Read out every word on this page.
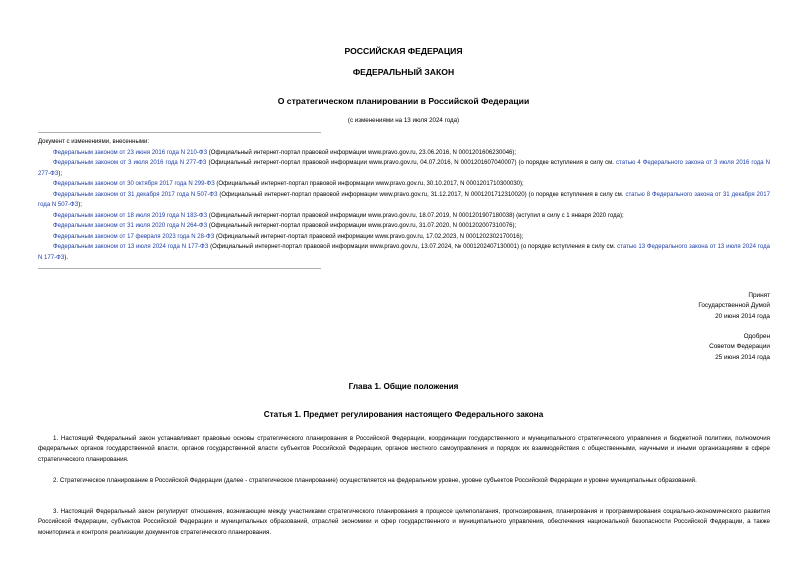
РОССИЙСКАЯ ФЕДЕРАЦИЯ
ФЕДЕРАЛЬНЫЙ ЗАКОН
О стратегическом планировании в Российской Федерации
(с изменениями на 13 июля 2024 года)
Документ с изменениями, внесенными:
Федеральным законом от 23 июня 2016 года N 210-ФЗ (Официальный интернет-портал правовой информации www.pravo.gov.ru, 23.06.2016, N 0001201606230046);
Федеральным законом от 3 июля 2016 года N 277-ФЗ (Официальный интернет-портал правовой информации www.pravo.gov.ru, 04.07.2016, N 0001201607040007) (о порядке вступления в силу см. статью 4 Федерального закона от 3 июля 2016 года N 277-ФЗ);
Федеральным законом от 30 октября 2017 года N 299-ФЗ (Официальный интернет-портал правовой информации www.pravo.gov.ru, 30.10.2017, N 0001201710300030);
Федеральным законом от 31 декабря 2017 года N 507-ФЗ (Официальный интернет-портал правовой информации www.pravo.gov.ru, 31.12.2017, N 0001201712310020) (о порядке вступления в силу см. статью 8 Федерального закона от 31 декабря 2017 года N 507-ФЗ);
Федеральным законом от 18 июля 2019 года N 183-ФЗ (Официальный интернет-портал правовой информации www.pravo.gov.ru, 18.07.2019, N 0001201907180038) (вступил в силу с 1 января 2020 года);
Федеральным законом от 31 июля 2020 года N 264-ФЗ (Официальный интернет-портал правовой информации www.pravo.gov.ru, 31.07.2020, N 0001202007310076);
Федеральным законом от 17 февраля 2023 года N 28-ФЗ (Официальный интернет-портал правовой информации www.pravo.gov.ru, 17.02.2023, N 0001202302170016);
Федеральным законом от 13 июля 2024 года N 177-ФЗ (Официальный интернет-портал правовой информации www.pravo.gov.ru, 13.07.2024, № 0001202407130001) (о порядке вступления в силу см. статью 13 Федерального закона от 13 июля 2024 года N 177-ФЗ).
Принят
Государственной Думой
20 июня 2014 года
Одобрен
Советом Федерации
25 июня 2014 года
Глава 1. Общие положения
Статья 1. Предмет регулирования настоящего Федерального закона
1. Настоящий Федеральный закон устанавливает правовые основы стратегического планирования в Российской Федерации, координации государственного и муниципального стратегического управления и бюджетной политики, полномочия федеральных органов государственной власти, органов государственной власти субъектов Российской Федерации, органов местного самоуправления и порядок их взаимодействия с общественными, научными и иными организациями в сфере стратегического планирования.
2. Стратегическое планирование в Российской Федерации (далее - стратегическое планирование) осуществляется на федеральном уровне, уровне субъектов Российской Федерации и уровне муниципальных образований.
3. Настоящий Федеральный закон регулирует отношения, возникающие между участниками стратегического планирования в процессе целеполагания, прогнозирования, планирования и программирования социально-экономического развития Российской Федерации, субъектов Российской Федерации и муниципальных образований, отраслей экономики и сфер государственного и муниципального управления, обеспечения национальной безопасности Российской Федерации, а также мониторинга и контроля реализации документов стратегического планирования.
